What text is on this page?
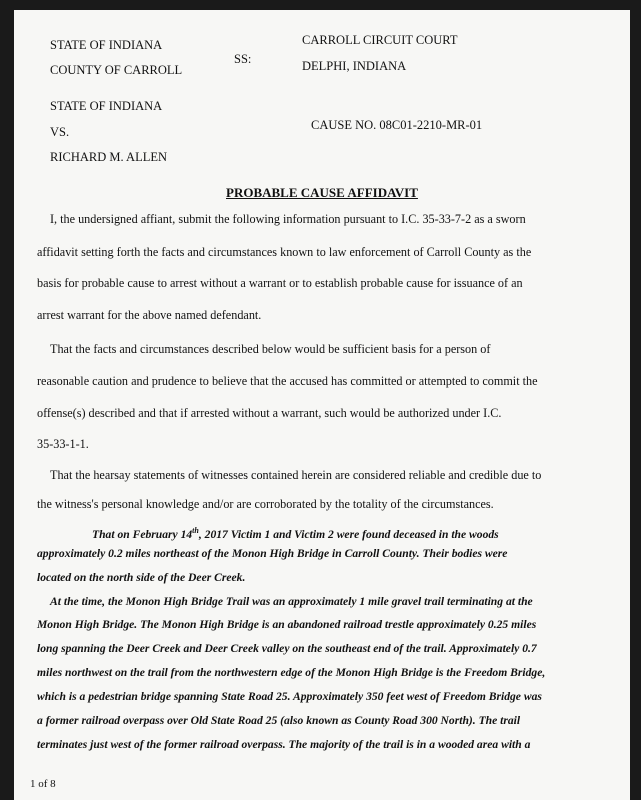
STATE OF INDIANA
COUNTY OF CARROLL
SS:
CARROLL CIRCUIT COURT
DELPHI, INDIANA
STATE OF INDIANA
VS.
RICHARD M. ALLEN
CAUSE NO. 08C01-2210-MR-01
PROBABLE CAUSE AFFIDAVIT
I, the undersigned affiant, submit the following information pursuant to I.C. 35-33-7-2 as a sworn
affidavit setting forth the facts and circumstances known to law enforcement of Carroll County as the
basis for probable cause to arrest without a warrant or to establish probable cause for issuance of an
arrest warrant for the above named defendant.
That the facts and circumstances described below would be sufficient basis for a person of
reasonable caution and prudence to believe that the accused has committed or attempted to commit the
offense(s) described and that if arrested without a warrant, such would be authorized under I.C.
35-33-1-1.
That the hearsay statements of witnesses contained herein are considered reliable and credible due to
the witness's personal knowledge and/or are corroborated by the totality of the circumstances.
That on February 14th, 2017 Victim 1 and Victim 2 were found deceased in the woods
approximately 0.2 miles northeast of the Monon High Bridge in Carroll County. Their bodies were
located on the north side of the Deer Creek.
At the time, the Monon High Bridge Trail was an approximately 1 mile gravel trail terminating at the
Monon High Bridge. The Monon High Bridge is an abandoned railroad trestle approximately 0.25 miles
long spanning the Deer Creek and Deer Creek valley on the southeast end of the trail. Approximately 0.7
miles northwest on the trail from the northwestern edge of the Monon High Bridge is the Freedom Bridge,
which is a pedestrian bridge spanning State Road 25. Approximately 350 feet west of Freedom Bridge was
a former railroad overpass over Old State Road 25 (also known as County Road 300 North). The trail
terminates just west of the former railroad overpass. The majority of the trail is in a wooded area with a
1 of 8
